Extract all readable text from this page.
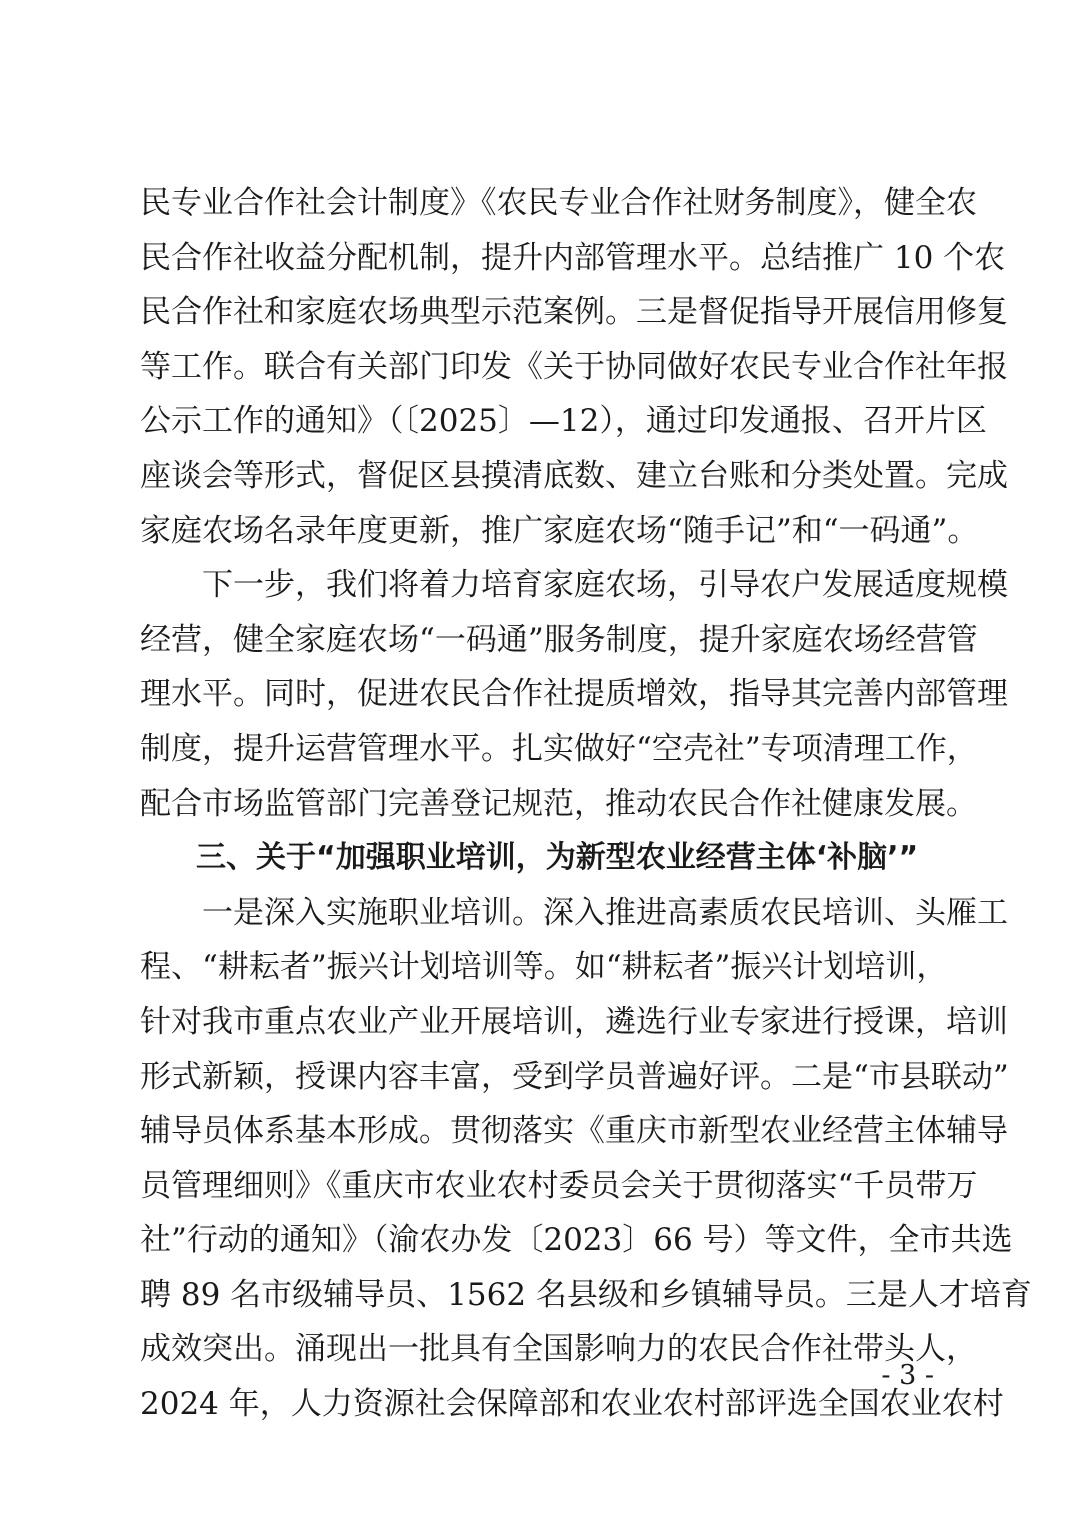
民专业合作社会计制度》《农民专业合作社财务制度》，健全农
民合作社收益分配机制，提升内部管理水平。总结推广 10 个农
民合作社和家庭农场典型示范案例。三是督促指导开展信用修复
等工作。联合有关部门印发《关于协同做好农民专业合作社年报
公示工作的通知》（〔2025〕—12），通过印发通报、召开片区
座谈会等形式，督促区县摸清底数、建立台账和分类处置。完成
家庭农场名录年度更新，推广家庭农场“随手记”和“一码通”。
下一步，我们将着力培育家庭农场，引导农户发展适度规模
经营，健全家庭农场“一码通”服务制度，提升家庭农场经营管
理水平。同时，促进农民合作社提质增效，指导其完善内部管理
制度，提升运营管理水平。扎实做好“空壳社”专项清理工作，
配合市场监管部门完善登记规范，推动农民合作社健康发展。
三、关于“加强职业培训，为新型农业经营主体‘补脑’”
一是深入实施职业培训。深入推进高素质农民培训、头雁工
程、“耕耘者”振兴计划培训等。如“耕耘者”振兴计划培训，
针对我市重点农业产业开展培训，遴选行业专家进行授课，培训
形式新颖，授课内容丰富，受到学员普遍好评。二是“市县联动”
辅导员体系基本形成。贯彻落实《重庆市新型农业经营主体辅导
员管理细则》《重庆市农业农村委员会关于贯彻落实“千员带万
社”行动的通知》（渝农办发〔2023〕66 号）等文件，全市共选
聘 89 名市级辅导员、1562 名县级和乡镇辅导员。三是人才培育
成效突出。涌现出一批具有全国影响力的农民合作社带头人，
2024 年，人力资源社会保障部和农业农村部评选全国农业农村
- 3 -
